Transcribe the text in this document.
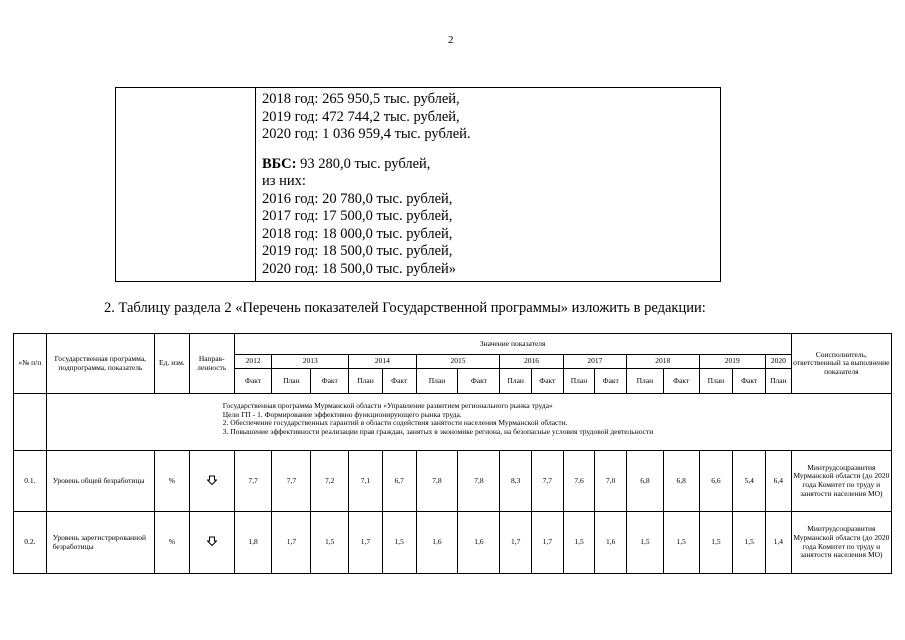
2
2018 год: 265 950,5 тыс. рублей,
2019 год: 472 744,2 тыс. рублей,
2020 год: 1 036 959,4 тыс. рублей.
ВБС: 93 280,0 тыс. рублей,
из них:
2016 год: 20 780,0 тыс. рублей,
2017 год: 17 500,0 тыс. рублей,
2018 год: 18 000,0 тыс. рублей,
2019 год: 18 500,0 тыс. рублей,
2020 год: 18 500,0 тыс. рублей»
2. Таблицу раздела 2 «Перечень показателей Государственной программы» изложить в редакции:
«№ п/п	Государственная программа, подпрограмма, показатель	Ед. изм.	Направ-ленность	Значение показателя																Соисполнитель, ответственный за выполнение показателя
				2012	2013		2014		2015		2016		2017		2018		2019		2020	
				Факт	План	Факт	План	Факт	План	Факт	План	Факт	План	Факт	План	Факт	План	Факт	План	

	Государственная программа Мурманской области «Управление развитием регионального рынка труда»
Цели ГП - 1. Формирование эффективно функционирующего рынка труда.
2. Обеспечение государственных гарантий в области содействия занятости населения Мурманской области.
3. Повышение эффективности реализации прав граждан, занятых в экономике региона, на безопасные условия трудовой деятельности																			

0.1.	Уровень общей безработицы	%		7,7	7,7	7,2	7,1	6,7	7,8	7,8	8,3	7,7	7,6	7,0	6,8	6,8	6,6	5,4	6,4	Минтрудсоцразвития Мурманской области (до 2020 года Комитет по труду и занятости населения МО)
0.2.	Уровень зарегистрированной безработицы	%		1,8	1,7	1,5	1,7	1,5	1,6	1,6	1,7	1,7	1,5	1,6	1,5	1,5	1,5	1,5	1,4	Минтрудсоцразвития Мурманской области (до 2020 года Комитет по труду и занятости населения МО)
